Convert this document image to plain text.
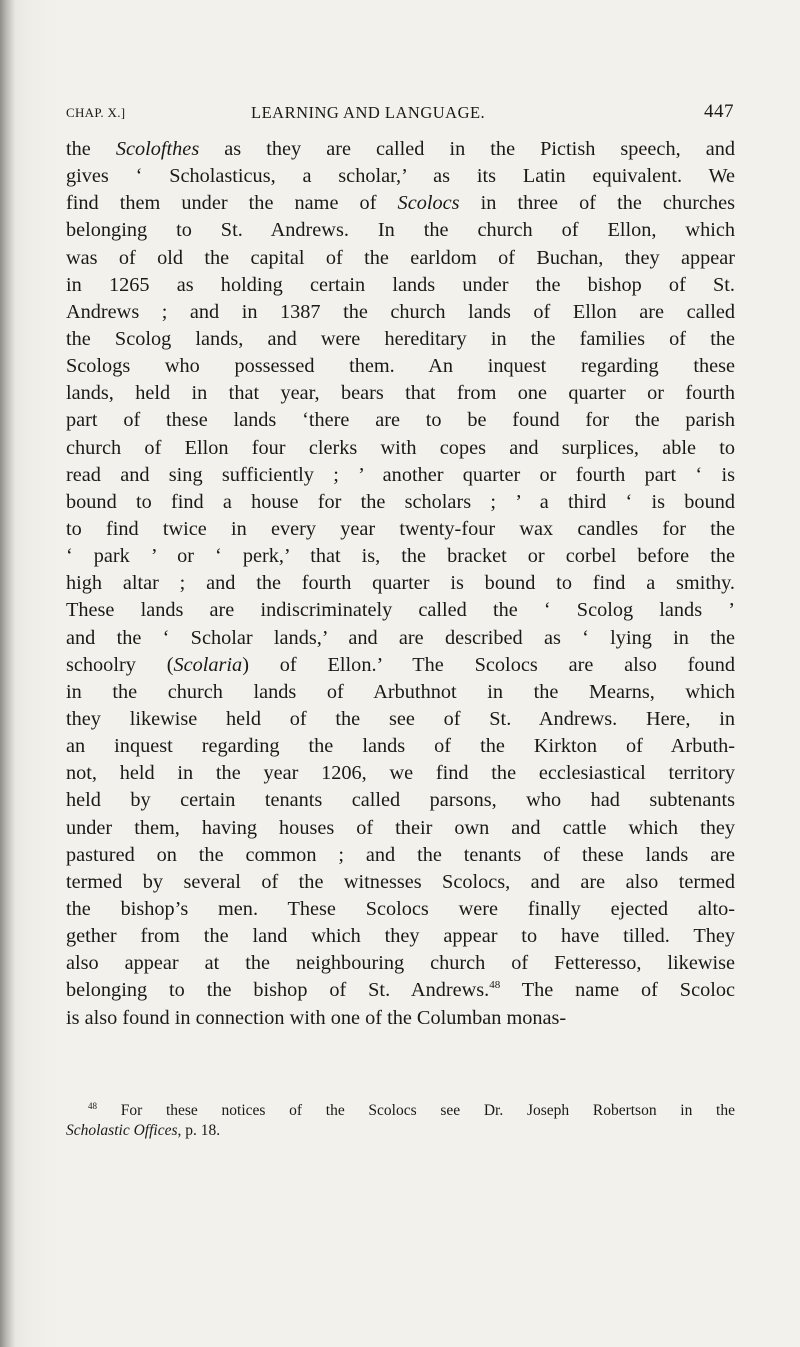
CHAP. X.]	LEARNING AND LANGUAGE.	447
the Scolofthes as they are called in the Pictish speech, and
gives ‘ Scholasticus, a scholar,’ as its Latin equivalent. We
find them under the name of Scolocs in three of the churches
belonging to St. Andrews. In the church of Ellon, which
was of old the capital of the earldom of Buchan, they appear
in 1265 as holding certain lands under the bishop of St.
Andrews ; and in 1387 the church lands of Ellon are called
the Scolog lands, and were hereditary in the families of the
Scologs who possessed them. An inquest regarding these
lands, held in that year, bears that from one quarter or fourth
part of these lands ‘there are to be found for the parish
church of Ellon four clerks with copes and surplices, able to
read and sing sufficiently ; ’ another quarter or fourth part ‘ is
bound to find a house for the scholars ; ’ a third ‘ is bound
to find twice in every year twenty-four wax candles for the
‘ park ’ or ‘ perk,’ that is, the bracket or corbel before the
high altar ; and the fourth quarter is bound to find a smithy.
These lands are indiscriminately called the ‘ Scolog lands ’
and the ‘ Scholar lands,’ and are described as ‘ lying in the
schoolry (Scolaria) of Ellon.’ The Scolocs are also found
in the church lands of Arbuthnot in the Mearns, which
they likewise held of the see of St. Andrews. Here, in
an inquest regarding the lands of the Kirkton of Arbuth-
not, held in the year 1206, we find the ecclesiastical territory
held by certain tenants called parsons, who had subtenants
under them, having houses of their own and cattle which they
pastured on the common ; and the tenants of these lands are
termed by several of the witnesses Scolocs, and are also termed
the bishop’s men. These Scolocs were finally ejected alto-
gether from the land which they appear to have tilled. They
also appear at the neighbouring church of Fetteresso, likewise
belonging to the bishop of St. Andrews.$^{48}$ The name of Scoloc
is also found in connection with one of the Columban monas-
$^{48}$ For these notices of the Scolocs see Dr. Joseph Robertson in the
Scholastic Offices, p. 18.
